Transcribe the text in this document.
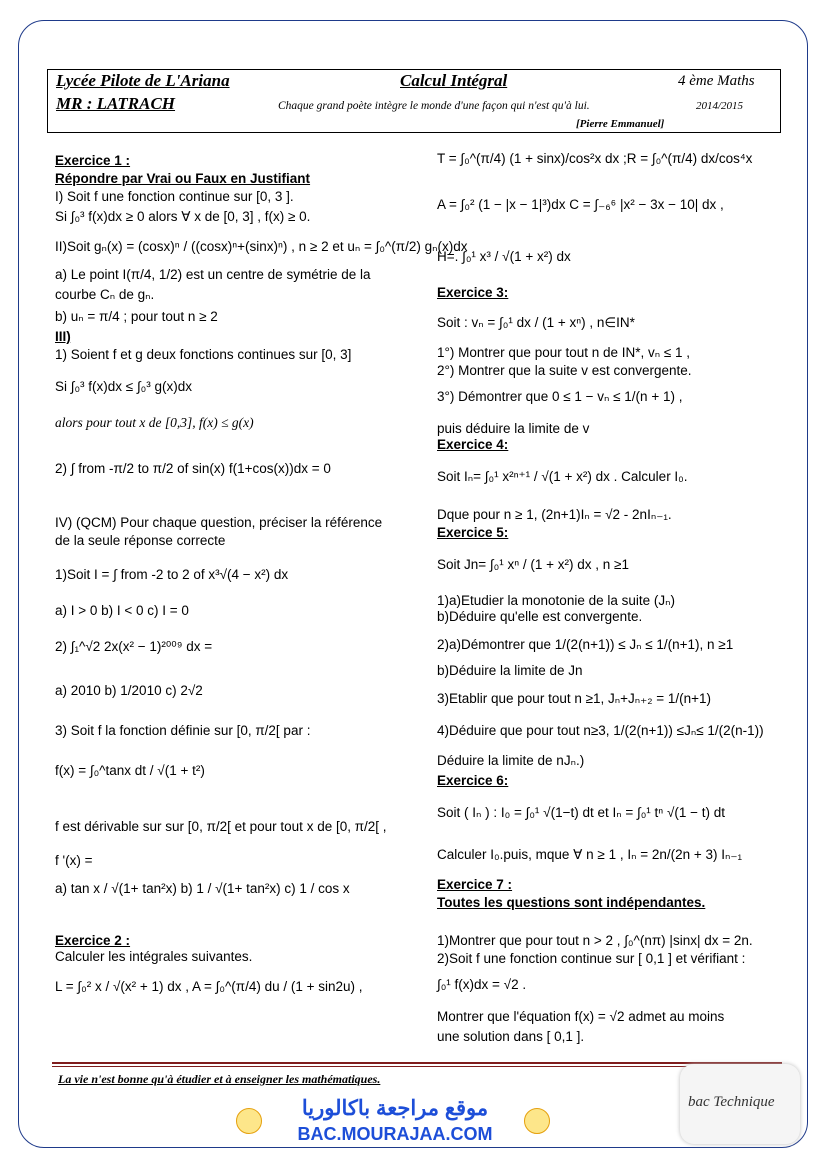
Lycée Pilote de L'Ariana
MR : LATRACH
Calcul Intégral
Chaque grand poète intègre le monde d'une façon qui n'est qu'à lui.
4 ème Maths
2014/2015
[Pierre Emmanuel]
Exercice 1 :
Répondre par Vrai ou Faux en Justifiant
I) Soit f une fonction continue sur [0, 3 ].
Si ∫₀³ f(x)dx ≥ 0 alors ∀ x de [0, 3] , f(x) ≥ 0.
II)Soit gₙ(x) = (cosx)ⁿ / ((cosx)ⁿ+(sinx)ⁿ) , n ≥ 2 et uₙ = ∫₀^(π/2) gₙ(x)dx
a) Le point I(π/4, 1/2) est un centre de symétrie de la
courbe Cₙ de gₙ.
b) uₙ = π/4 ; pour tout n ≥ 2
III)
1) Soient f et g deux fonctions continues sur [0, 3]
Si ∫₀³ f(x)dx ≤ ∫₀³ g(x)dx
alors pour tout x de [0,3], f(x) ≤ g(x)
2) ∫ from -π/2 to π/2 of sin(x) f(1+cos(x))dx = 0
IV) (QCM) Pour chaque question, préciser la référence
de la seule réponse correcte
1)Soit I = ∫ from -2 to 2 of x³√(4 − x²) dx
a) I > 0 b) I < 0 c) I = 0
2) ∫₁^√2 2x(x² − 1)²⁰⁰⁹ dx =
a) 2010 b) 1/2010 c) 2√2
3) Soit f la fonction définie sur [0, π/2[ par :
f(x) = ∫₀^tanx dt / √(1 + t²)
f est dérivable sur sur [0, π/2[ et pour tout x de [0, π/2[ ,
f '(x) =
a) tan x / √(1+ tan²x) b) 1 / √(1+ tan²x) c) 1 / cos x
Exercice 2 :
Calculer les intégrales suivantes.
L = ∫₀² x / √(x² + 1) dx , A = ∫₀^(π/4) du / (1 + sin2u) ,
T = ∫₀^(π/4) (1 + sinx)/cos²x dx ;R = ∫₀^(π/4) dx/cos⁴x
A = ∫₀² (1 − |x − 1|³)dx C = ∫₋₆⁶ |x² − 3x − 10| dx ,
H=. ∫₀¹ x³ / √(1 + x²) dx
Exercice 3:
Soit : vₙ = ∫₀¹ dx / (1 + xⁿ) , n∈IN*
1°) Montrer que pour tout n de IN*, vₙ ≤ 1 ,
2°) Montrer que la suite v est convergente.
3°) Démontrer que 0 ≤ 1 − vₙ ≤ 1/(n + 1) ,
puis déduire la limite de v
Exercice 4:
Soit Iₙ= ∫₀¹ x²ⁿ⁺¹ / √(1 + x²) dx . Calculer I₀.
Dque pour n ≥ 1, (2n+1)Iₙ = √2 - 2nIₙ₋₁.
Exercice 5:
Soit Jn= ∫₀¹ xⁿ / (1 + x²) dx , n ≥1
1)a)Etudier la monotonie de la suite (Jₙ)
b)Déduire qu'elle est convergente.
2)a)Démontrer que 1/(2(n+1)) ≤ Jₙ ≤ 1/(n+1), n ≥1
b)Déduire la limite de Jn
3)Etablir que pour tout n ≥1, Jₙ+Jₙ₊₂ = 1/(n+1)
4)Déduire que pour tout n≥3, 1/(2(n+1)) ≤Jₙ≤ 1/(2(n-1))
Déduire la limite de nJₙ.)
Exercice 6:
Soit ( Iₙ ) : I₀ = ∫₀¹ √(1−t) dt et Iₙ = ∫₀¹ tⁿ √(1 − t) dt
Calculer I₀.puis, mque ∀ n ≥ 1 , Iₙ = 2n/(2n + 3) Iₙ₋₁
Exercice 7 :
Toutes les questions sont indépendantes.
1)Montrer que pour tout n > 2 , ∫₀^(nπ) |sinx| dx = 2n.
2)Soit f une fonction continue sur [ 0,1 ] et vérifiant :
∫₀¹ f(x)dx = √2 .
Montrer que l'équation f(x) = √2 admet au moins
une solution dans [ 0,1 ].
La vie n'est bonne qu'à étudier et à enseigner les mathématiques.
موقع مراجعة باكالوريا
BAC.MOURAJAA.COM
bac Technique
